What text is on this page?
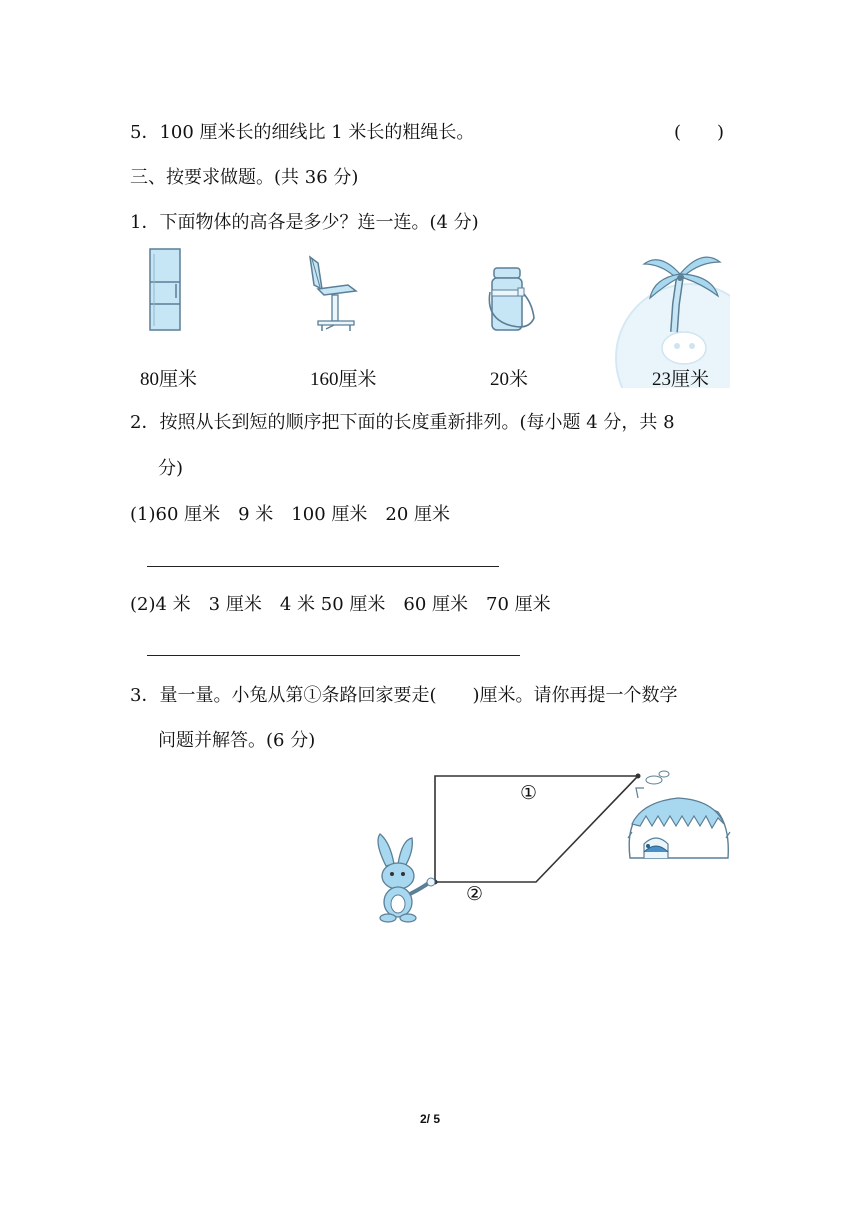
5．100 厘米长的细线比 1 米长的粗绳长。	(　　)
三、按要求做题。(共 36 分)
1．下面物体的高各是多少？连一连。(4 分)
80厘米	160厘米	20米	23厘米
2．按照从长到短的顺序把下面的长度重新排列。(每小题 4 分，共 8
分)
(1)60 厘米　9 米　100 厘米　20 厘米
(2)4 米　3 厘米　4 米 50 厘米　60 厘米　70 厘米
3．量一量。小兔从第①条路回家要走(　　)厘米。请你再提一个数学
问题并解答。(6 分)
①
②
2/ 5
